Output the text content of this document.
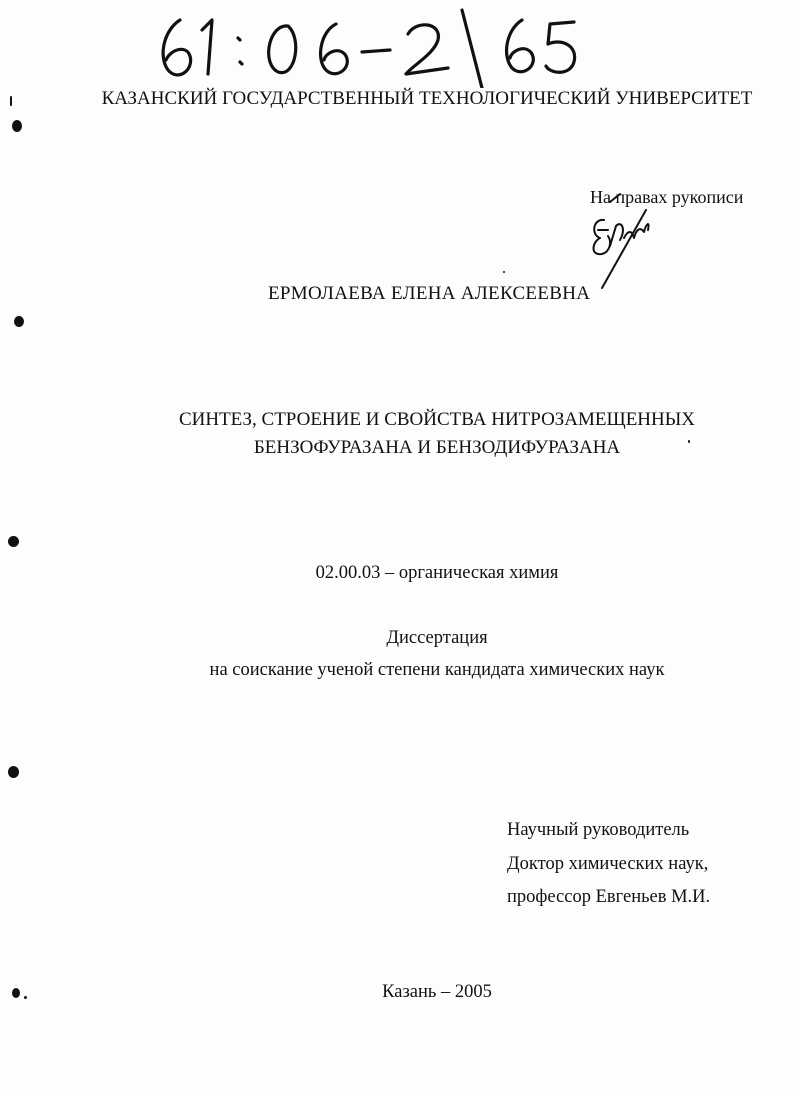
КАЗАНСКИЙ ГОСУДАРСТВЕННЫЙ ТЕХНОЛОГИЧЕСКИЙ УНИВЕРСИТЕТ
На правах рукописи
ЕРМОЛАЕВА ЕЛЕНА АЛЕКСЕЕВНА
СИНТЕЗ, СТРОЕНИЕ И СВОЙСТВА НИТРОЗАМЕЩЕННЫХ
БЕНЗОФУРАЗАНА И БЕНЗОДИФУРАЗАНА
02.00.03 – органическая химия
Диссертация
на соискание ученой степени кандидата химических наук
Научный руководитель
Доктор химических наук,
профессор Евгеньев М.И.
Казань – 2005
